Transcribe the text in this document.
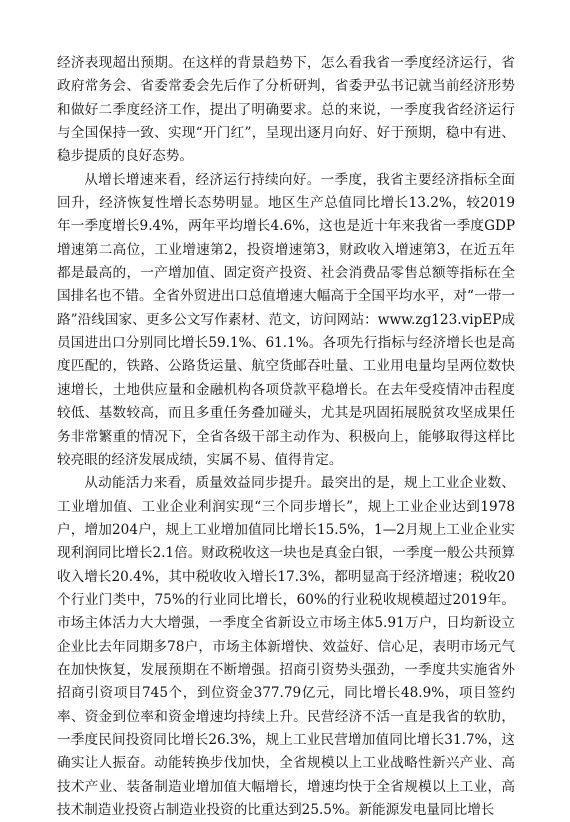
经济表现超出预期。在这样的背景趋势下，怎么看我省一季度经济运行，省政府常务会、省委常委会先后作了分析研判，省委尹弘书记就当前经济形势和做好二季度经济工作，提出了明确要求。总的来说，一季度我省经济运行与全国保持一致、实现“开门红”，呈现出逐月向好、好于预期，稳中有进、稳步提质的良好态势。

从增长增速来看，经济运行持续向好。一季度，我省主要经济指标全面回升，经济恢复性增长态势明显。地区生产总值同比增长13.2%，较2019年一季度增长9.4%，两年平均增长4.6%，这也是近十年来我省一季度GDP增速第二高位，工业增速第2，投资增速第3，财政收入增速第3，在近五年都是最高的，一产增加值、固定资产投资、社会消费品零售总额等指标在全国排名也不错。全省外贸进出口总值增速大幅高于全国平均水平，对“一带一路”沿线国家、更多公文写作素材、范文，访问网站：www.zg123.vipEP成员国进出口分别同比增长59.1%、61.1%。各项先行指标与经济增长也是高度匹配的，铁路、公路货运量、航空货邮吞吐量、工业用电量均呈两位数快速增长，土地供应量和金融机构各项贷款平稳增长。在去年受疫情冲击程度较低、基数较高，而且多重任务叠加碰头，尤其是巩固拓展脱贫攻坚成果任务非常繁重的情况下，全省各级干部主动作为、积极向上，能够取得这样比较亮眼的经济发展成绩，实属不易、值得肯定。

从动能活力来看，质量效益同步提升。最突出的是，规上工业企业数、工业增加值、工业企业利润实现“三个同步增长”，规上工业企业达到1978户，增加204户，规上工业增加值同比增长15.5%，1—2月规上工业企业实现利润同比增长2.1倍。财政税收这一块也是真金白银，一季度一般公共预算收入增长20.4%，其中税收收入增长17.3%，都明显高于经济增速；税收20个行业门类中，75%的行业同比增长，60%的行业税收规模超过2019年。市场主体活力大大增强，一季度全省新设立市场主体5.91万户，日均新设立企业比去年同期多78户，市场主体新增快、效益好、信心足，表明市场元气在加快恢复，发展预期在不断增强。招商引资势头强劲，一季度共实施省外招商引资项目745个，到位资金377.79亿元，同比增长48.9%，项目签约率、资金到位率和资金增速均持续上升。民营经济不活一直是我省的软肋，一季度民间投资同比增长26.3%，规上工业民营增加值同比增长31.7%，这确实让人振奋。动能转换步伐加快，全省规模以上工业战略性新兴产业、高技术产业、装备制造业增加值大幅增长，增速均快于全省规模以上工业，高技术制造业投资占制造业投资的比重达到25.5%。新能源发电量同比增长
